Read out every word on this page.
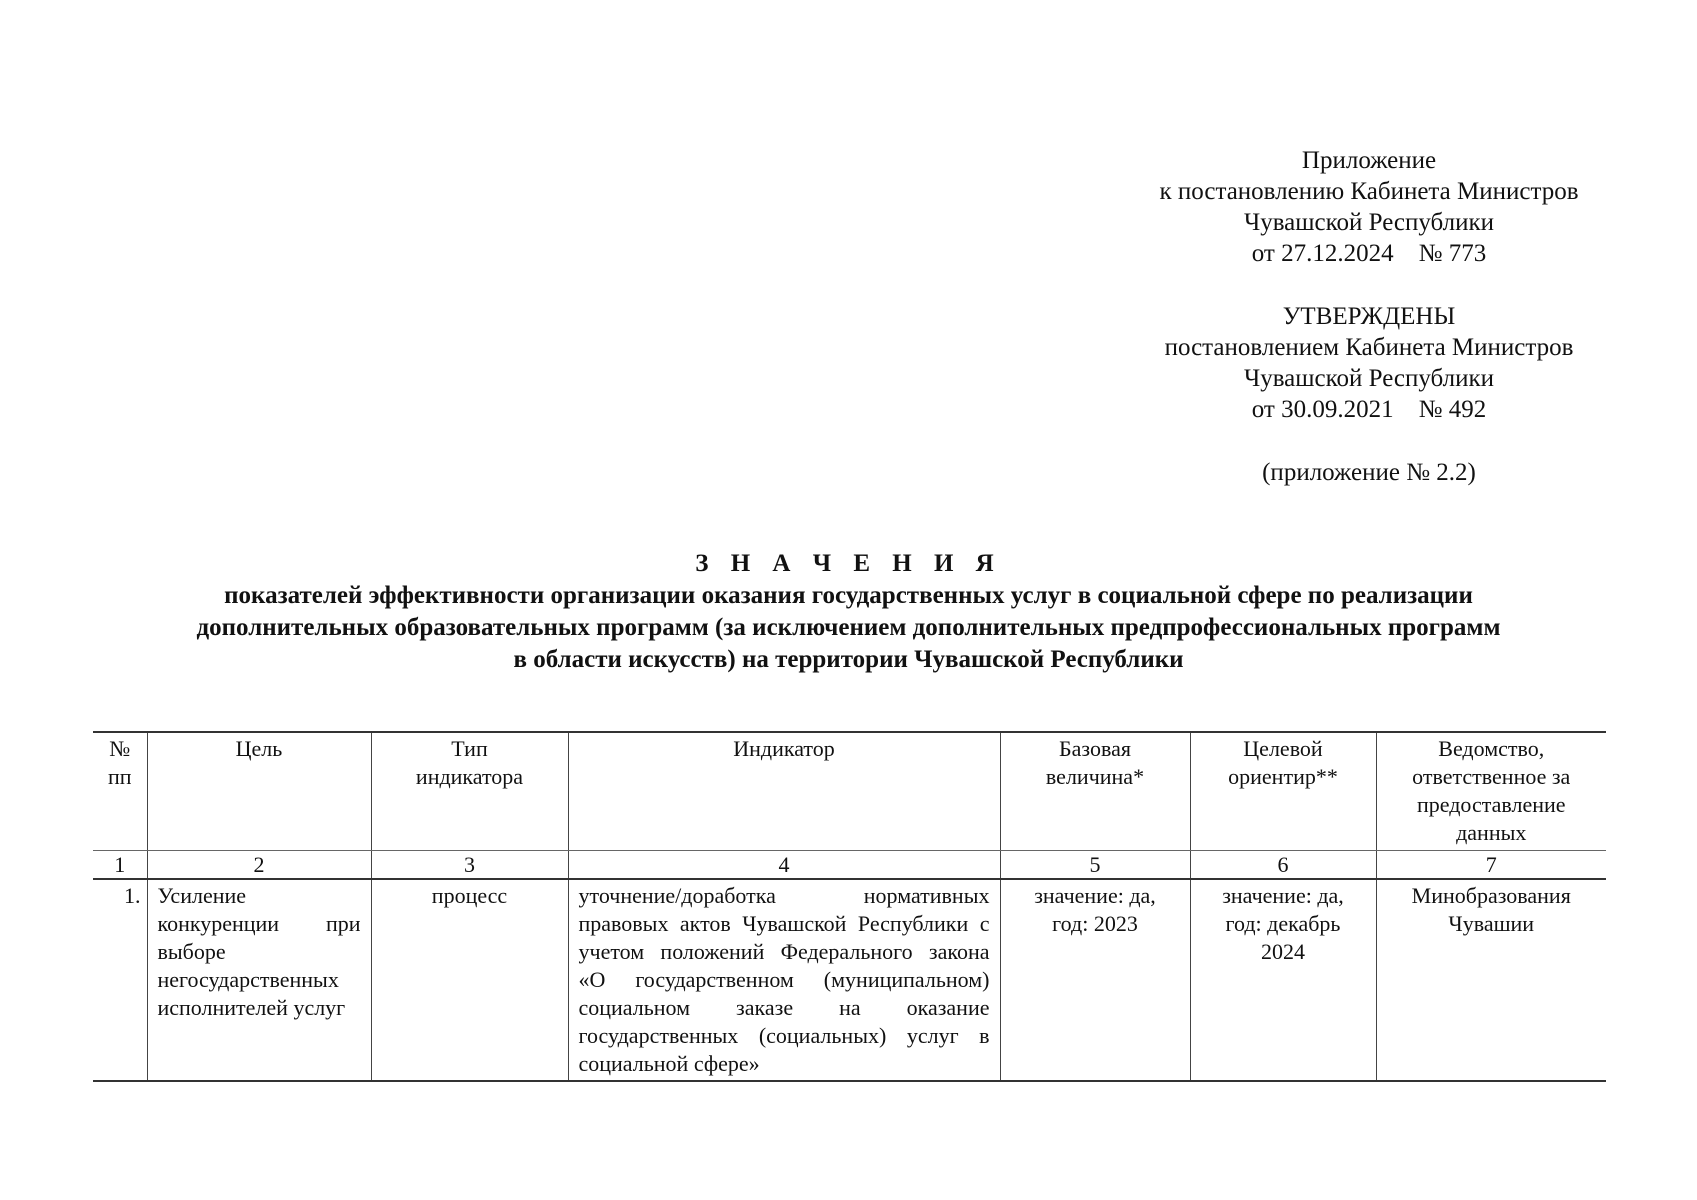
Приложение
к постановлению Кабинета Министров
Чувашской Республики
от 27.12.2024    № 773
УТВЕРЖДЕНЫ
постановлением Кабинета Министров
Чувашской Республики
от 30.09.2021    № 492
(приложение № 2.2)
З Н А Ч Е Н И Я
показателей эффективности организации оказания государственных услуг в социальной сфере по реализации
дополнительных образовательных программ (за исключением дополнительных предпрофессиональных программ
в области искусств) на территории Чувашской Республики
№ пп	Цель	Тип индикатора	Индикатор	Базовая величина*	Целевой ориентир**	Ведомство, ответственное за предоставление данных
1	2	3	4	5	6	7
1.	Усиление конкуренции при выборе негосударственных исполнителей услуг	процесс	уточнение/доработка нормативных правовых актов Чувашской Республики с учетом положений Федерального закона «О государственном (муниципальном) социальном заказе на оказание государственных (социальных) услуг в социальной сфере»	значение: да, год: 2023	значение: да, год: декабрь 2024	Минобразования Чувашии
